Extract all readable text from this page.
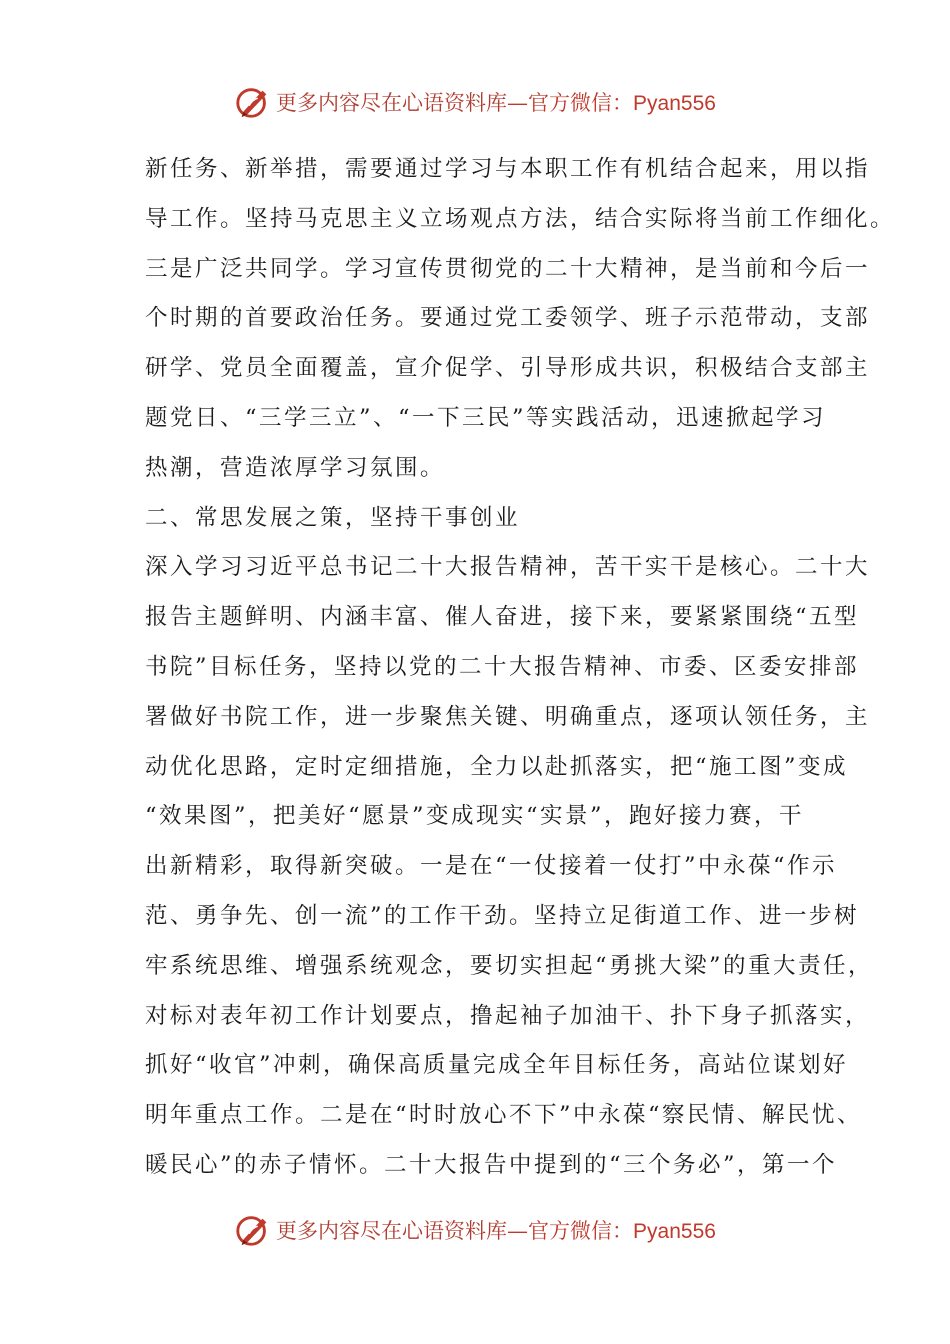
更多内容尽在心语资料库—官方微信：Pyan556
新任务、新举措，需要通过学习与本职工作有机结合起来，用以指
导工作。坚持马克思主义立场观点方法，结合实际将当前工作细化。
三是广泛共同学。学习宣传贯彻党的二十大精神，是当前和今后一
个时期的首要政治任务。要通过党工委领学、班子示范带动，支部
研学、党员全面覆盖，宣介促学、引导形成共识，积极结合支部主
题党日、“三学三立”、“一下三民”等实践活动，迅速掀起学习
热潮，营造浓厚学习氛围。
二、常思发展之策，坚持干事创业
深入学习习近平总书记二十大报告精神，苦干实干是核心。二十大
报告主题鲜明、内涵丰富、催人奋进，接下来，要紧紧围绕“五型
书院”目标任务，坚持以党的二十大报告精神、市委、区委安排部
署做好书院工作，进一步聚焦关键、明确重点，逐项认领任务，主
动优化思路，定时定细措施，全力以赴抓落实，把“施工图”变成
“效果图”，把美好“愿景”变成现实“实景”，跑好接力赛，干
出新精彩，取得新突破。一是在“一仗接着一仗打”中永葆“作示
范、勇争先、创一流”的工作干劲。坚持立足街道工作、进一步树
牢系统思维、增强系统观念，要切实担起“勇挑大梁”的重大责任，
对标对表年初工作计划要点，撸起袖子加油干、扑下身子抓落实，
抓好“收官”冲刺，确保高质量完成全年目标任务，高站位谋划好
明年重点工作。二是在“时时放心不下”中永葆“察民情、解民忧、
暖民心”的赤子情怀。二十大报告中提到的“三个务必”，第一个
更多内容尽在心语资料库—官方微信：Pyan556
